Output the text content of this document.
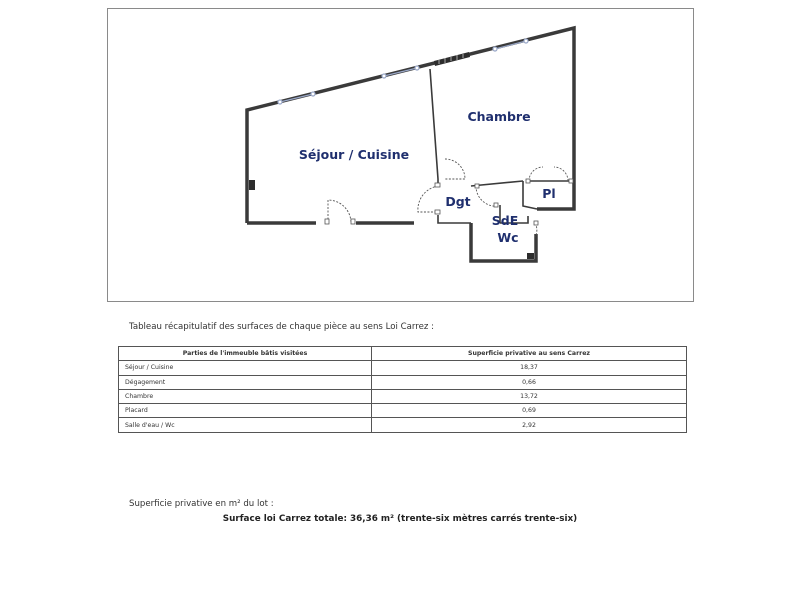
Séjour / Cuisine
Chambre
Dgt
Pl
SdE
Wc
Tableau récapitulatif des surfaces de chaque pièce au sens Loi Carrez :
Parties de l'immeuble bâtis visitées	Superficie privative au sens Carrez
Séjour / Cuisine	18,37
Dégagement	0,66
Chambre	13,72
Placard	0,69
Salle d'eau / Wc	2,92
Superficie privative en m² du lot :
Surface loi Carrez totale: 36,36 m² (trente-six mètres carrés trente-six)
